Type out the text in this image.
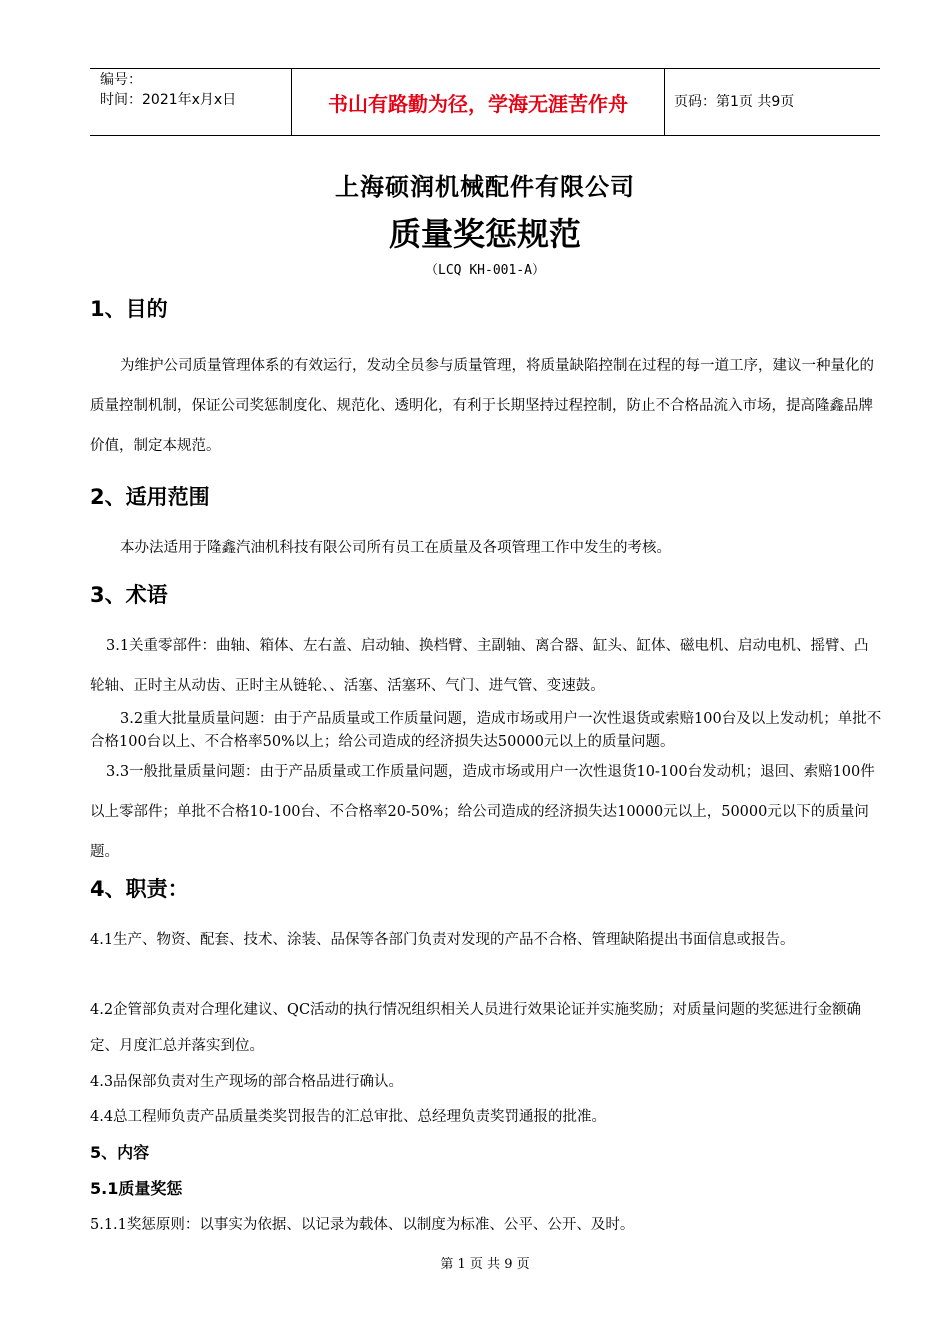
编号：
时间：2021年x月x日	书山有路勤为径，学海无涯苦作舟	页码：第1页 共9页
上海硕润机械配件有限公司
质量奖惩规范
（LCQ KH-001-A）
1、目的
为维护公司质量管理体系的有效运行，发动全员参与质量管理，将质量缺陷控制在过程的每一道工序，建议一种量化的质量控制机制，保证公司奖惩制度化、规范化、透明化，有利于长期坚持过程控制，防止不合格品流入市场，提高隆鑫品牌价值，制定本规范。
2、适用范围
本办法适用于隆鑫汽油机科技有限公司所有员工在质量及各项管理工作中发生的考核。
3、术语
3.1关重零部件：曲轴、箱体、左右盖、启动轴、换档臂、主副轴、离合器、缸头、缸体、磁电机、启动电机、摇臂、凸轮轴、正时主从动齿、正时主从链轮、、活塞、活塞环、气门、进气管、变速鼓。
3.2重大批量质量问题：由于产品质量或工作质量问题，造成市场或用户一次性退货或索赔100台及以上发动机；单批不合格100台以上、不合格率50%以上；给公司造成的经济损失达50000元以上的质量问题。
3.3一般批量质量问题：由于产品质量或工作质量问题，造成市场或用户一次性退货10-100台发动机；退回、索赔100件以上零部件；单批不合格10-100台、不合格率20-50%；给公司造成的经济损失达10000元以上，50000元以下的质量问题。
4、职责：
4.1生产、物资、配套、技术、涂装、品保等各部门负责对发现的产品不合格、管理缺陷提出书面信息或报告。
4.2企管部负责对合理化建议、QC活动的执行情况组织相关人员进行效果论证并实施奖励；对质量问题的奖惩进行金额确定、月度汇总并落实到位。
4.3品保部负责对生产现场的部合格品进行确认。
4.4总工程师负责产品质量类奖罚报告的汇总审批、总经理负责奖罚通报的批准。
5、内容
5.1质量奖惩
5.1.1奖惩原则：以事实为依据、以记录为载体、以制度为标准、公平、公开、及时。
第 1 页 共 9 页
